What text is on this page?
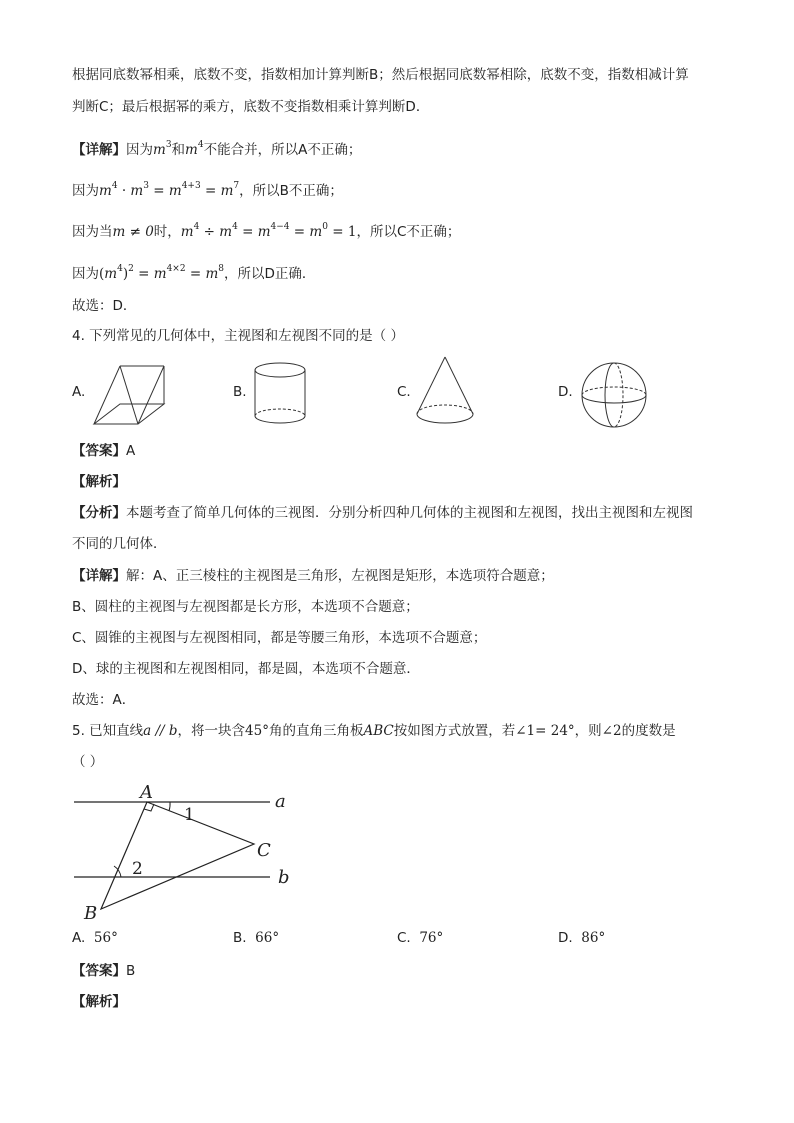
根据同底数幂相乘，底数不变，指数相加计算判断B；然后根据同底数幂相除，底数不变，指数相减计算
判断C；最后根据幂的乘方，底数不变指数相乘计算判断D．
【详解】因为$m^3$和$m^4$不能合并，所以A不正确；
因为$m^4 \cdot m^3 = m^{4+3} = m^7$，所以B不正确；
因为当m ≠ 0时，$m^4 \div m^4 = m^{4-4} = m^0 = 1$，所以C不正确；
因为$(m^4)^2 = m^{4\times 2} = m^8$，所以D正确．
故选：D．
4. 下列常见的几何体中，主视图和左视图不同的是（ ）
A.	B.	C.	D.
【答案】A
【解析】
【分析】本题考查了简单几何体的三视图．分别分析四种几何体的主视图和左视图，找出主视图和左视图
不同的几何体．
【详解】解：A、正三棱柱的主视图是三角形，左视图是矩形，本选项符合题意；
B、圆柱的主视图与左视图都是长方形，本选项不合题意；
C、圆锥的主视图与左视图相同，都是等腰三角形，本选项不合题意；
D、球的主视图和左视图相同，都是圆，本选项不合题意．
故选：A．
5. 已知直线a // b，将一块含45°角的直角三角板ABC按如图方式放置，若∠1= 24°，则∠2的度数是
（ ）
A
B
C
a
b
1
2
A. 56°	B. 66°	C. 76°	D. 86°
【答案】B
【解析】
